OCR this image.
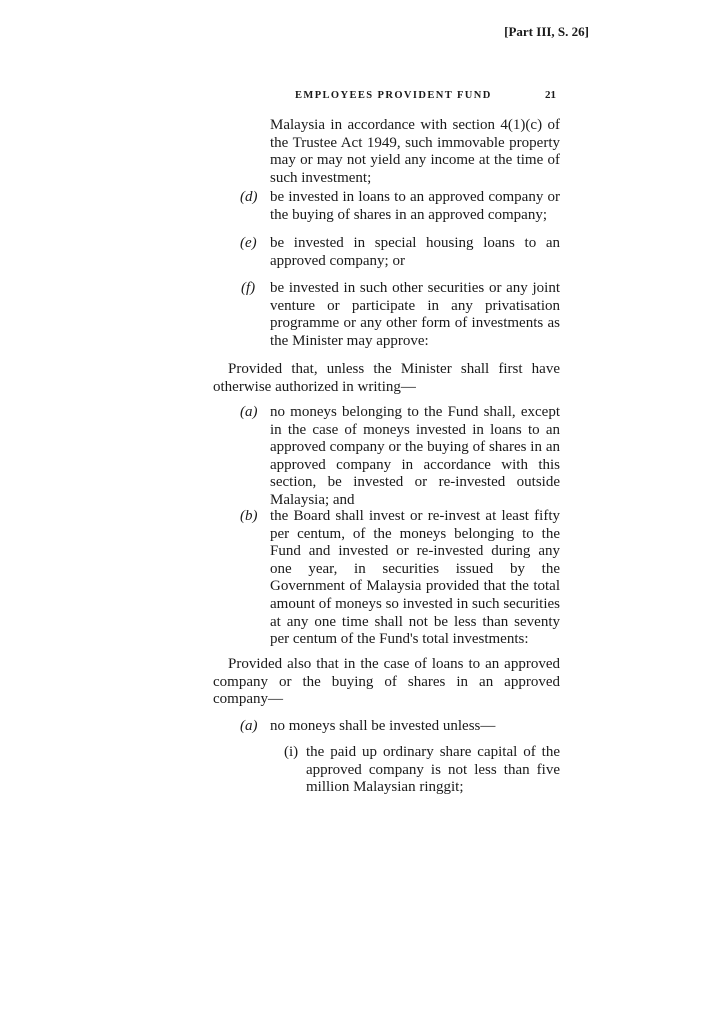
[Part III, S. 26]
EMPLOYEES PROVIDENT FUND	21
Malaysia in accordance with section 4(1)(c) of the Trustee Act 1949, such immovable property may or may not yield any income at the time of such investment;
(d) be invested in loans to an approved company or the buying of shares in an approved company;
(e) be invested in special housing loans to an approved company; or
(f) be invested in such other securities or any joint venture or participate in any privatisation programme or any other form of investments as the Minister may approve:
Provided that, unless the Minister shall first have otherwise authorized in writing—
(a) no moneys belonging to the Fund shall, except in the case of moneys invested in loans to an approved company or the buying of shares in an approved company in accordance with this section, be invested or re-invested outside Malaysia; and
(b) the Board shall invest or re-invest at least fifty per centum, of the moneys belonging to the Fund and invested or re-invested during any one year, in securities issued by the Government of Malaysia provided that the total amount of moneys so invested in such securities at any one time shall not be less than seventy per centum of the Fund's total investments:
Provided also that in the case of loans to an approved company or the buying of shares in an approved company—
(a) no moneys shall be invested unless—
(i) the paid up ordinary share capital of the approved company is not less than five million Malaysian ringgit;
